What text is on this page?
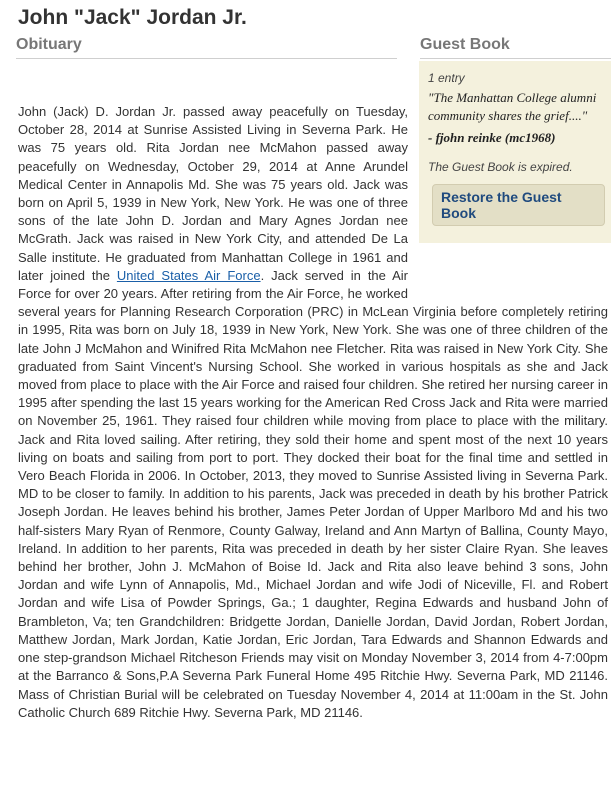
John "Jack" Jordan Jr.
Obituary	Guest Book
1 entry
"The Manhattan College alumni community shares the grief...."
- fjohn reinke (mc1968)
The Guest Book is expired.
Restore the Guest Book

John (Jack) D. Jordan Jr. passed away peacefully on Tuesday, October 28, 2014 at Sunrise Assisted Living in Severna Park. He was 75 years old. Rita Jordan nee McMahon passed away peacefully on Wednesday, October 29, 2014 at Anne Arundel Medical Center in Annapolis Md. She was 75 years old. Jack was born on April 5, 1939 in New York, New York. He was one of three sons of the late John D. Jordan and Mary Agnes Jordan nee McGrath. Jack was raised in New York City, and attended De La Salle institute. He graduated from Manhattan College in 1961 and later joined the United States Air Force. Jack served in the Air Force for over 20 years. After retiring from the Air Force, he worked several years for Planning Research Corporation (PRC) in McLean Virginia before completely retiring in 1995, Rita was born on July 18, 1939 in New York, New York. She was one of three children of the late John J McMahon and Winifred Rita McMahon nee Fletcher. Rita was raised in New York City. She graduated from Saint Vincent's Nursing School. She worked in various hospitals as she and Jack moved from place to place with the Air Force and raised four children. She retired her nursing career in 1995 after spending the last 15 years working for the American Red Cross Jack and Rita were married on November 25, 1961. They raised four children while moving from place to place with the military. Jack and Rita loved sailing. After retiring, they sold their home and spent most of the next 10 years living on boats and sailing from port to port. They docked their boat for the final time and settled in Vero Beach Florida in 2006. In October, 2013, they moved to Sunrise Assisted living in Severna Park. MD to be closer to family. In addition to his parents, Jack was preceded in death by his brother Patrick Joseph Jordan. He leaves behind his brother, James Peter Jordan of Upper Marlboro Md and his two half-sisters Mary Ryan of Renmore, County Galway, Ireland and Ann Martyn of Ballina, County Mayo, Ireland. In addition to her parents, Rita was preceded in death by her sister Claire Ryan. She leaves behind her brother, John J. McMahon of Boise Id. Jack and Rita also leave behind 3 sons, John Jordan and wife Lynn of Annapolis, Md., Michael Jordan and wife Jodi of Niceville, Fl. and Robert Jordan and wife Lisa of Powder Springs, Ga.; 1 daughter, Regina Edwards and husband John of Brambleton, Va; ten Grandchildren: Bridgette Jordan, Danielle Jordan, David Jordan, Robert Jordan, Matthew Jordan, Mark Jordan, Katie Jordan, Eric Jordan, Tara Edwards and Shannon Edwards and one step-grandson Michael Ritcheson Friends may visit on Monday November 3, 2014 from 4-7:00pm at the Barranco & Sons,P.A Severna Park Funeral Home 495 Ritchie Hwy. Severna Park, MD 21146. Mass of Christian Burial will be celebrated on Tuesday November 4, 2014 at 11:00am in the St. John Catholic Church 689 Ritchie Hwy. Severna Park, MD 21146.
